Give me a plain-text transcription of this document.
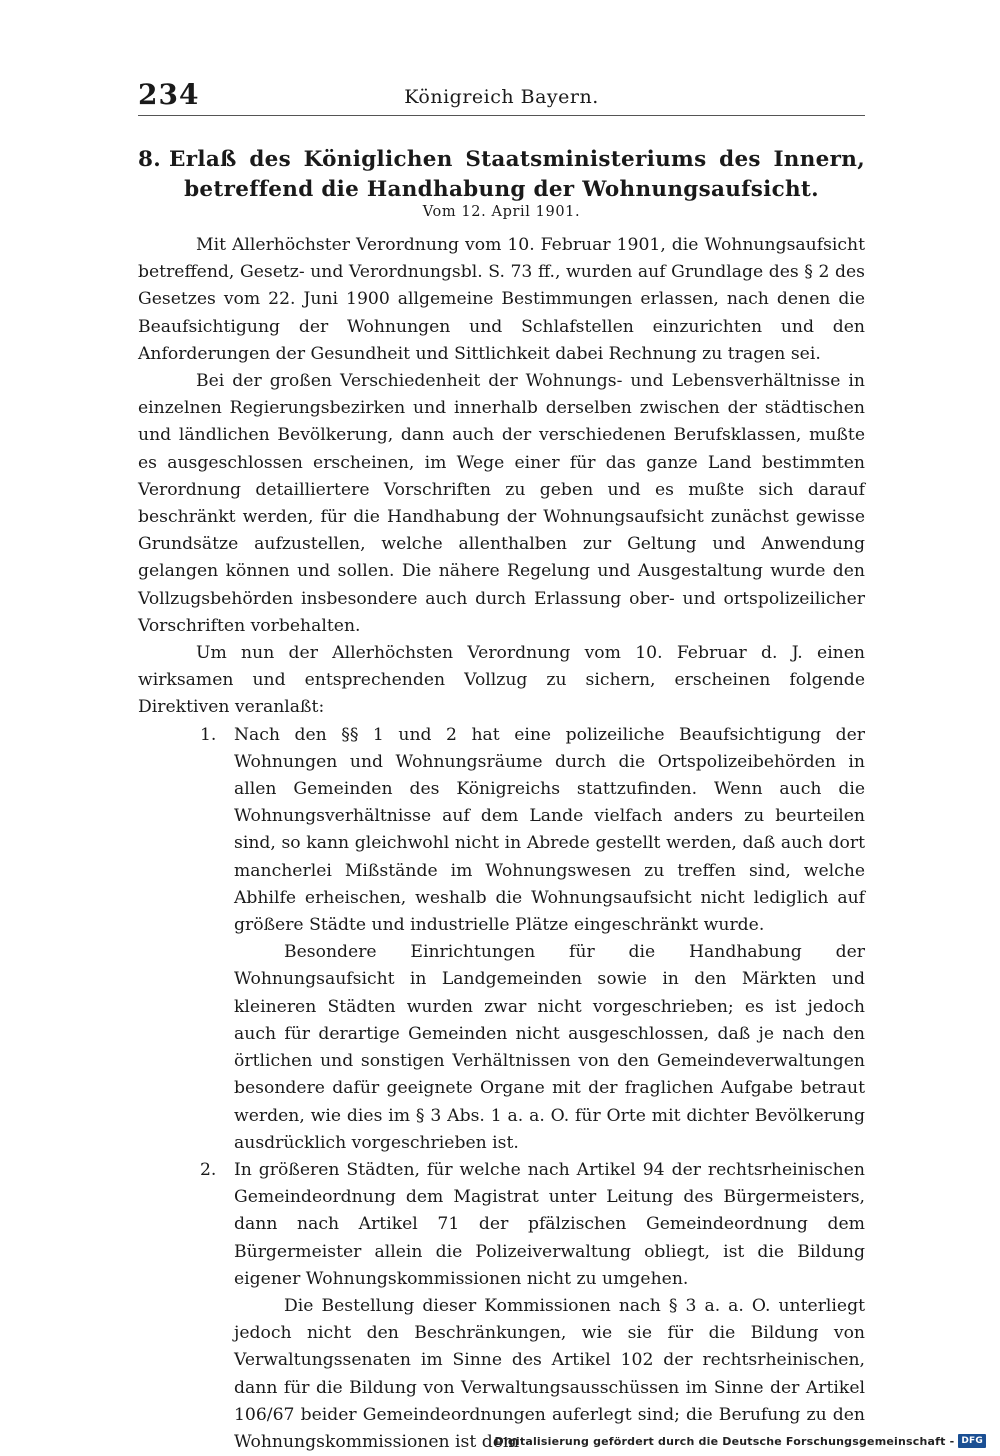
234	Königreich Bayern.
8. Erlaß des Königlichen Staatsministeriums des Innern, betreffend die Handhabung der Wohnungsaufsicht.
Vom 12. April 1901.

Mit Allerhöchster Verordnung vom 10. Februar 1901, die Wohnungsaufsicht betreffend, Gesetz- und Verordnungsbl. S. 73 ff., wurden auf Grundlage des § 2 des Gesetzes vom 22. Juni 1900 allgemeine Bestimmungen erlassen, nach denen die Beaufsichtigung der Wohnungen und Schlafstellen einzurichten und den Anforderungen der Gesundheit und Sittlichkeit dabei Rechnung zu tragen sei.

Bei der großen Verschiedenheit der Wohnungs- und Lebensverhältnisse in einzelnen Regierungsbezirken und innerhalb derselben zwischen der städtischen und ländlichen Bevölkerung, dann auch der verschiedenen Berufsklassen, mußte es ausgeschlossen erscheinen, im Wege einer für das ganze Land bestimmten Verordnung detailliertere Vorschriften zu geben und es mußte sich darauf beschränkt werden, für die Handhabung der Wohnungsaufsicht zunächst gewisse Grundsätze aufzustellen, welche allenthalben zur Geltung und Anwendung gelangen können und sollen. Die nähere Regelung und Ausgestaltung wurde den Vollzugsbehörden insbesondere auch durch Erlassung ober- und ortspolizeilicher Vorschriften vorbehalten.

Um nun der Allerhöchsten Verordnung vom 10. Februar d. J. einen wirksamen und entsprechenden Vollzug zu sichern, erscheinen folgende Direktiven veranlaßt:

1. Nach den §§ 1 und 2 hat eine polizeiliche Beaufsichtigung der Wohnungen und Wohnungsräume durch die Ortspolizeibehörden in allen Gemeinden des Königreichs stattzufinden. Wenn auch die Wohnungsverhältnisse auf dem Lande vielfach anders zu beurteilen sind, so kann gleichwohl nicht in Abrede gestellt werden, daß auch dort mancherlei Mißstände im Wohnungswesen zu treffen sind, welche Abhilfe erheischen, weshalb die Wohnungsaufsicht nicht lediglich auf größere Städte und industrielle Plätze eingeschränkt wurde.

Besondere Einrichtungen für die Handhabung der Wohnungsaufsicht in Landgemeinden sowie in den Märkten und kleineren Städten wurden zwar nicht vorgeschrieben; es ist jedoch auch für derartige Gemeinden nicht ausgeschlossen, daß je nach den örtlichen und sonstigen Verhältnissen von den Gemeindeverwaltungen besondere dafür geeignete Organe mit der fraglichen Aufgabe betraut werden, wie dies im § 3 Abs. 1 a. a. O. für Orte mit dichter Bevölkerung ausdrücklich vorgeschrieben ist.

2. In größeren Städten, für welche nach Artikel 94 der rechtsrheinischen Gemeindeordnung dem Magistrat unter Leitung des Bürgermeisters, dann nach Artikel 71 der pfälzischen Gemeindeordnung dem Bürgermeister allein die Polizeiverwaltung obliegt, ist die Bildung eigener Wohnungskommissionen nicht zu umgehen.

Die Bestellung dieser Kommissionen nach § 3 a. a. O. unterliegt jedoch nicht den Beschränkungen, wie sie für die Bildung von Verwaltungssenaten im Sinne des Artikel 102 der rechtsrheinischen, dann für die Bildung von Verwaltungsausschüssen im Sinne der Artikel 106/67 beider Gemeindeordnungen auferlegt sind; die Berufung zu den Wohnungskommissionen ist dem

Digitalisierung gefördert durch die Deutsche Forschungsgemeinschaft - DFG
